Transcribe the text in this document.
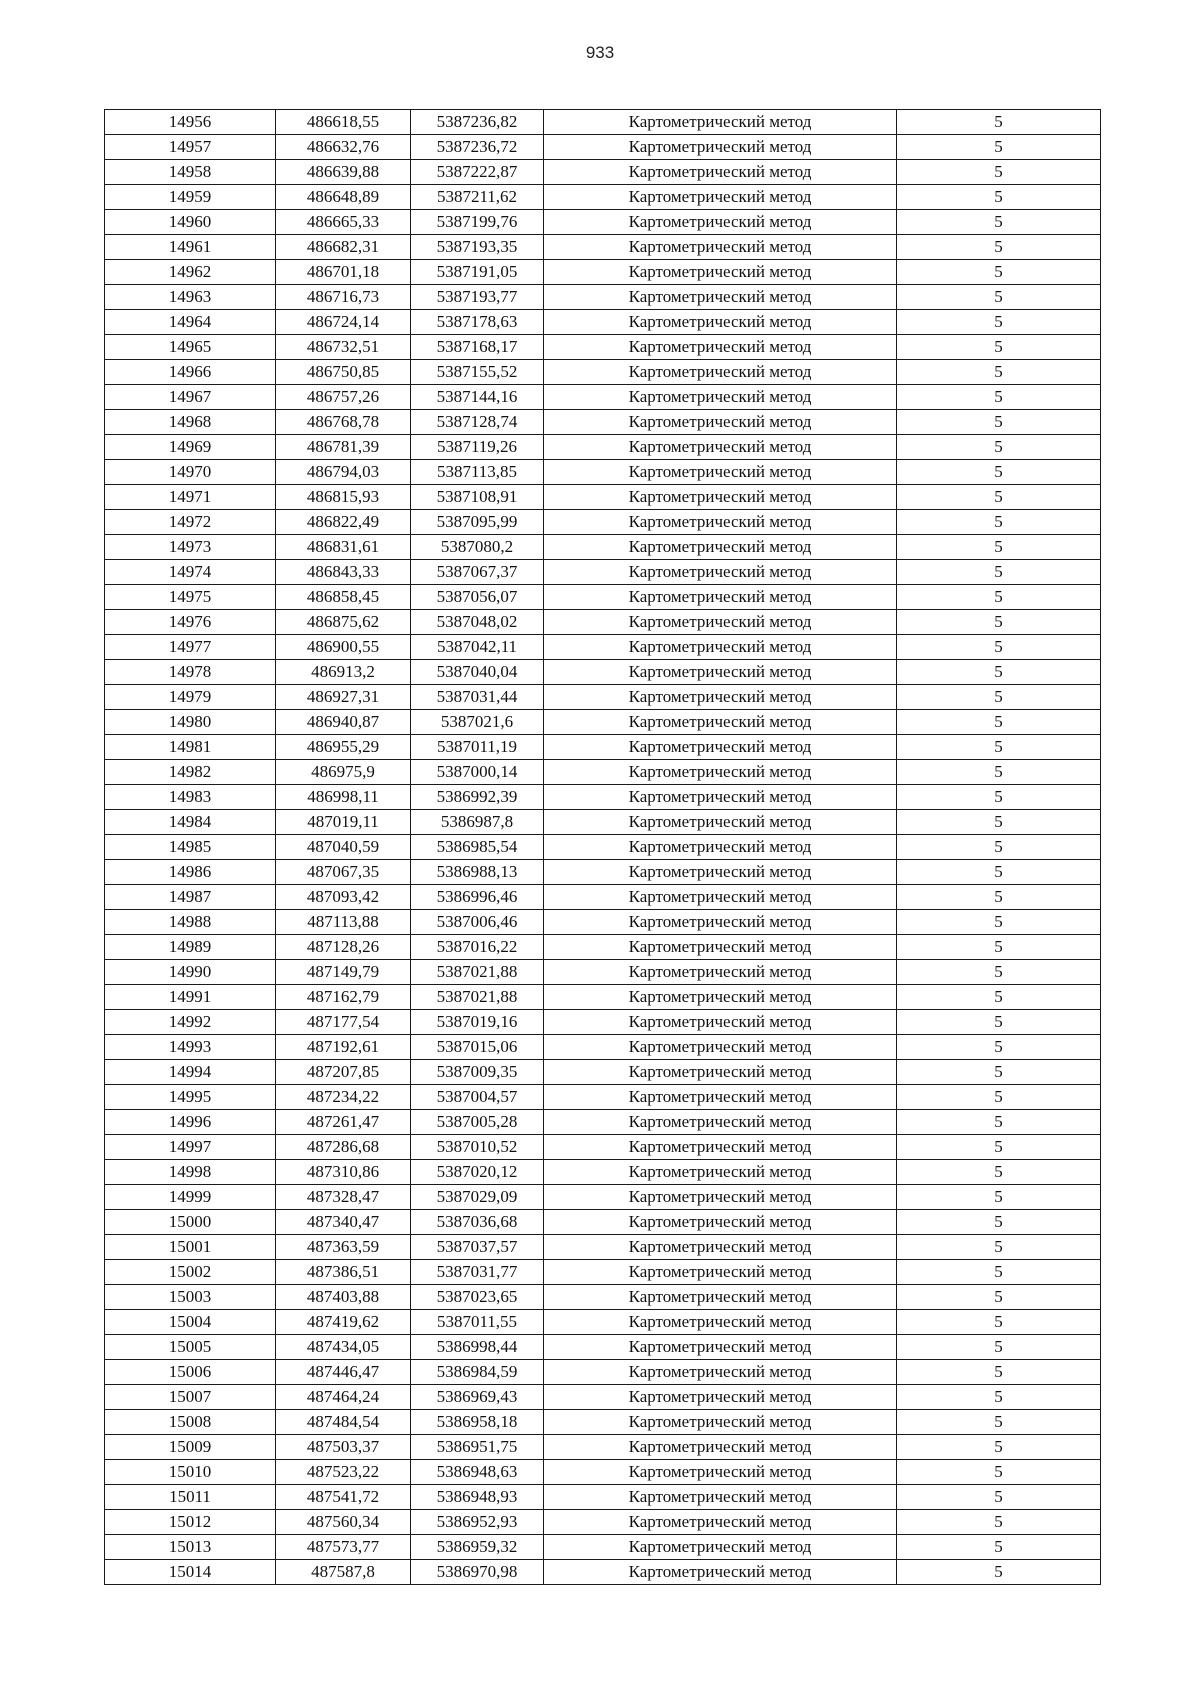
933
14956	486618,55	5387236,82	Картометрический метод	5
14957	486632,76	5387236,72	Картометрический метод	5
14958	486639,88	5387222,87	Картометрический метод	5
14959	486648,89	5387211,62	Картометрический метод	5
14960	486665,33	5387199,76	Картометрический метод	5
14961	486682,31	5387193,35	Картометрический метод	5
14962	486701,18	5387191,05	Картометрический метод	5
14963	486716,73	5387193,77	Картометрический метод	5
14964	486724,14	5387178,63	Картометрический метод	5
14965	486732,51	5387168,17	Картометрический метод	5
14966	486750,85	5387155,52	Картометрический метод	5
14967	486757,26	5387144,16	Картометрический метод	5
14968	486768,78	5387128,74	Картометрический метод	5
14969	486781,39	5387119,26	Картометрический метод	5
14970	486794,03	5387113,85	Картометрический метод	5
14971	486815,93	5387108,91	Картометрический метод	5
14972	486822,49	5387095,99	Картометрический метод	5
14973	486831,61	5387080,2	Картометрический метод	5
14974	486843,33	5387067,37	Картометрический метод	5
14975	486858,45	5387056,07	Картометрический метод	5
14976	486875,62	5387048,02	Картометрический метод	5
14977	486900,55	5387042,11	Картометрический метод	5
14978	486913,2	5387040,04	Картометрический метод	5
14979	486927,31	5387031,44	Картометрический метод	5
14980	486940,87	5387021,6	Картометрический метод	5
14981	486955,29	5387011,19	Картометрический метод	5
14982	486975,9	5387000,14	Картометрический метод	5
14983	486998,11	5386992,39	Картометрический метод	5
14984	487019,11	5386987,8	Картометрический метод	5
14985	487040,59	5386985,54	Картометрический метод	5
14986	487067,35	5386988,13	Картометрический метод	5
14987	487093,42	5386996,46	Картометрический метод	5
14988	487113,88	5387006,46	Картометрический метод	5
14989	487128,26	5387016,22	Картометрический метод	5
14990	487149,79	5387021,88	Картометрический метод	5
14991	487162,79	5387021,88	Картометрический метод	5
14992	487177,54	5387019,16	Картометрический метод	5
14993	487192,61	5387015,06	Картометрический метод	5
14994	487207,85	5387009,35	Картометрический метод	5
14995	487234,22	5387004,57	Картометрический метод	5
14996	487261,47	5387005,28	Картометрический метод	5
14997	487286,68	5387010,52	Картометрический метод	5
14998	487310,86	5387020,12	Картометрический метод	5
14999	487328,47	5387029,09	Картометрический метод	5
15000	487340,47	5387036,68	Картометрический метод	5
15001	487363,59	5387037,57	Картометрический метод	5
15002	487386,51	5387031,77	Картометрический метод	5
15003	487403,88	5387023,65	Картометрический метод	5
15004	487419,62	5387011,55	Картометрический метод	5
15005	487434,05	5386998,44	Картометрический метод	5
15006	487446,47	5386984,59	Картометрический метод	5
15007	487464,24	5386969,43	Картометрический метод	5
15008	487484,54	5386958,18	Картометрический метод	5
15009	487503,37	5386951,75	Картометрический метод	5
15010	487523,22	5386948,63	Картометрический метод	5
15011	487541,72	5386948,93	Картометрический метод	5
15012	487560,34	5386952,93	Картометрический метод	5
15013	487573,77	5386959,32	Картометрический метод	5
15014	487587,8	5386970,98	Картометрический метод	5
